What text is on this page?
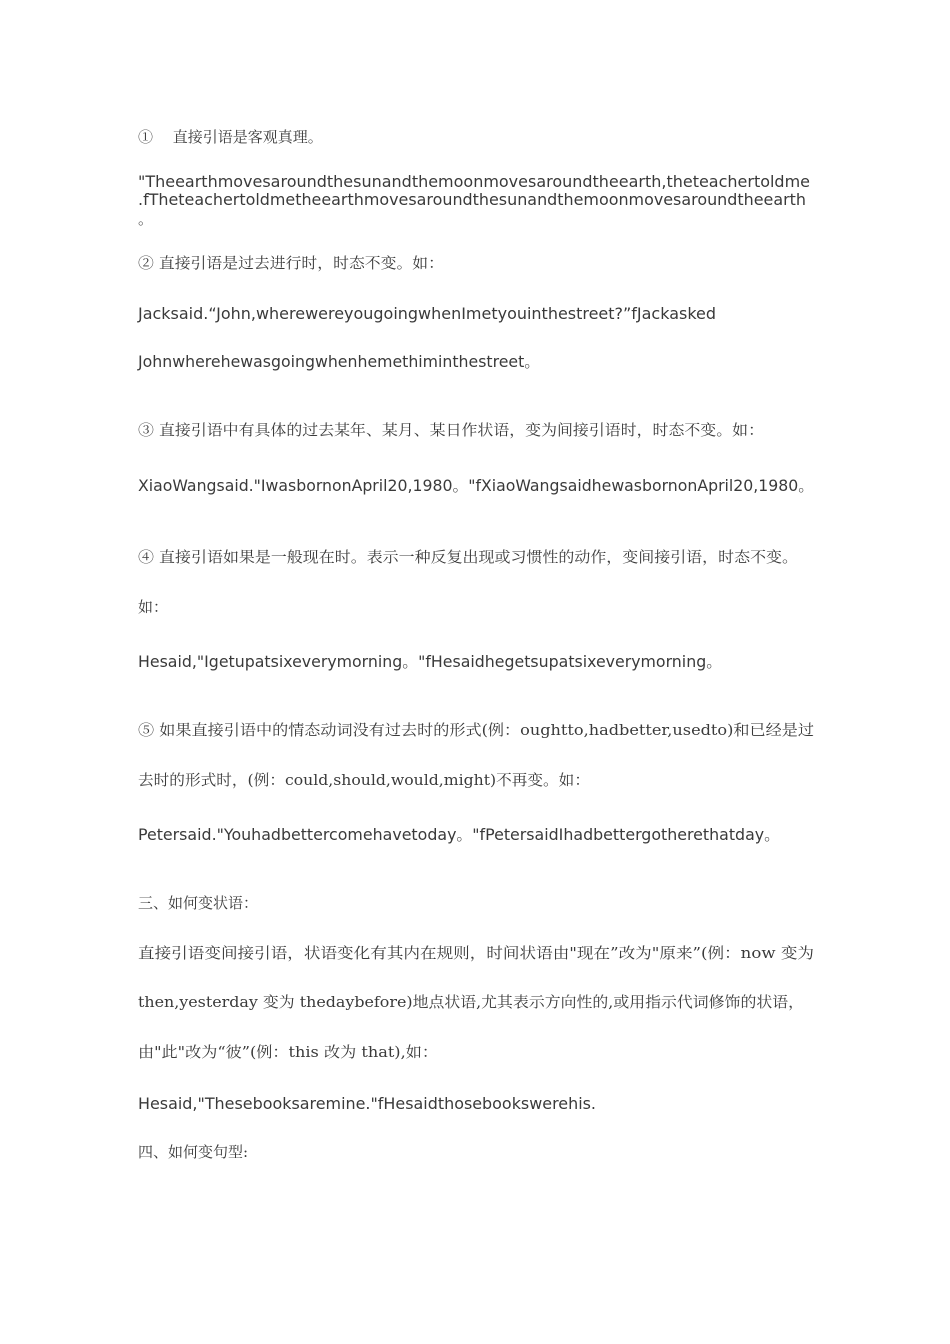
①　 直接引语是客观真理。
"Theearthmovesaroundthesunandthemoonmovesaroundtheearth,theteachertoldme
.fTheteachertoldmetheearthmovesaroundthesunandthemoonmovesaroundtheearth
。
② 直接引语是过去进行时，时态不变。如：
Jacksaid.“John,wherewereyougoingwhenImetyouinthestreet?”fJackasked
Johnwherehewasgoingwhenhemethiminthestreet。
③ 直接引语中有具体的过去某年、某月、某日作状语，变为间接引语时，时态不变。如：
XiaoWangsaid."IwasbornonApril20,1980。"fXiaoWangsaidhewasbornonApril20,1980。
④ 直接引语如果是一般现在时。表示一种反复出现或习惯性的动作，变间接引语，时态不变。
如：
Hesaid,"Igetupatsixeverymorning。"fHesaidhegetsupatsixeverymorning。
⑤ 如果直接引语中的情态动词没有过去时的形式(例：oughtto,hadbetter,usedto)和已经是过
去时的形式时，(例：could,should,would,might)不再变。如：
Petersaid."Youhadbettercomehavetoday。"fPetersaidIhadbettergotherethatday。
三、如何变状语：
直接引语变间接引语，状语变化有其内在规则，时间状语由"现在”改为"原来”(例：now 变为
then,yesterday 变为 thedaybefore)地点状语,尤其表示方向性的,或用指示代词修饰的状语，
由"此"改为“彼”(例：this 改为 that),如：
Hesaid,"Thesebooksaremine."fHesaidthosebookswerehis.
四、如何变句型:
